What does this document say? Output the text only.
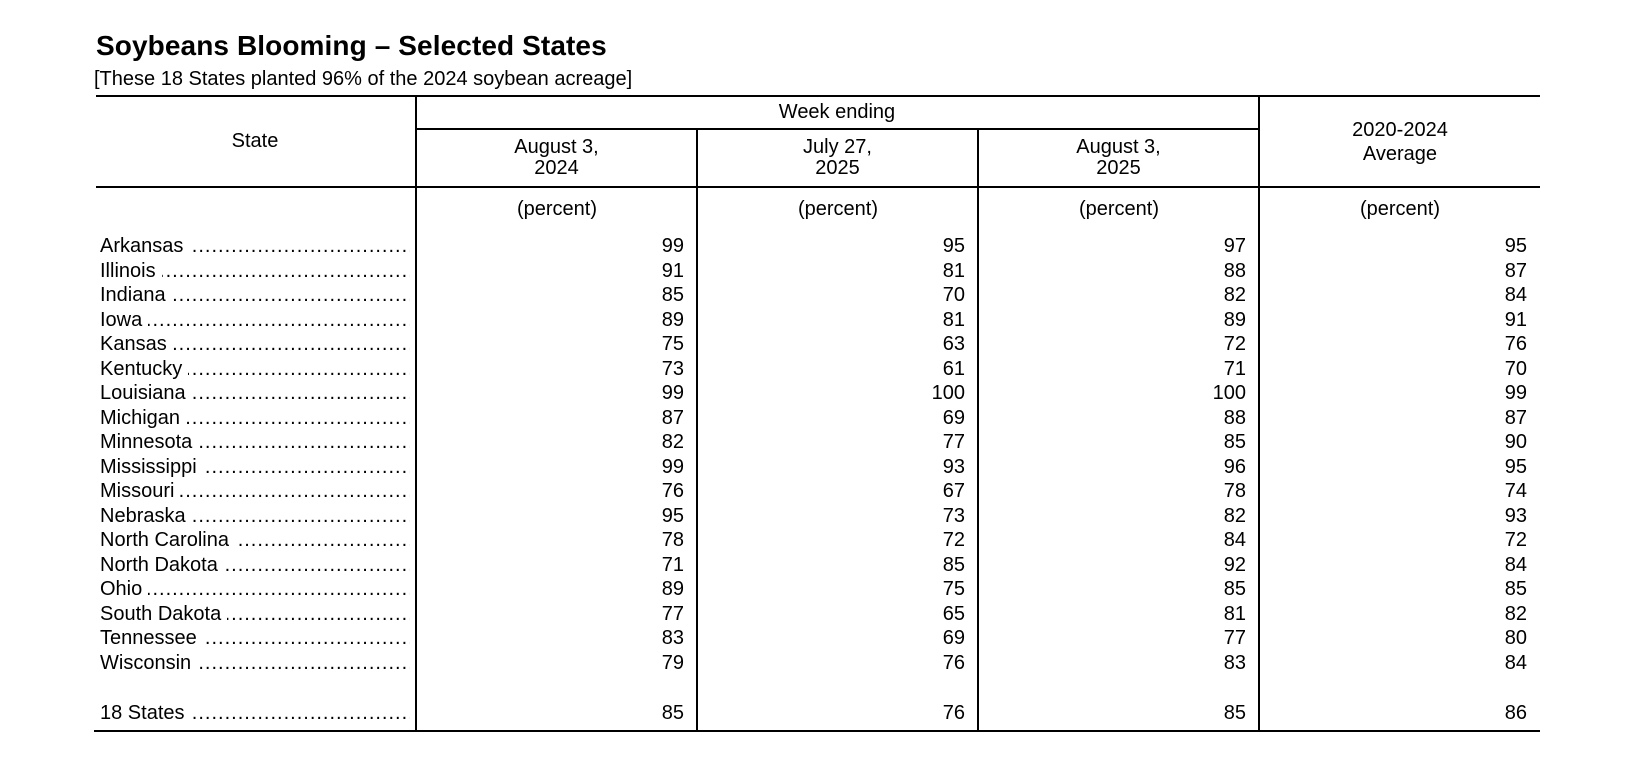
Soybeans Blooming – Selected States
[These 18 States planted 96% of the 2024 soybean acreage]
State
Week ending
August 3,
2024
July 27,
2025
August 3,
2025
2020-2024
Average
(percent)	(percent)	(percent)	(percent)
..... Arkansas	99	95	97	95
..... Illinois	91	81	88	87
..... Indiana	85	70	82	84
..... Iowa	89	81	89	91
..... Kansas	75	63	72	76
..... Kentucky	73	61	71	70
..... Louisiana	99	100	100	99
..... Michigan	87	69	88	87
..... Minnesota	82	77	85	90
..... Mississippi	99	93	96	95
..... Missouri	76	67	78	74
..... Nebraska	95	73	82	93
..... North Carolina	78	72	84	72
..... North Dakota	71	85	92	84
..... Ohio	89	75	85	85
..... South Dakota	77	65	81	82
..... Tennessee	83	69	77	80
..... Wisconsin	79	76	83	84
..... 18 States	85	76	85	86
